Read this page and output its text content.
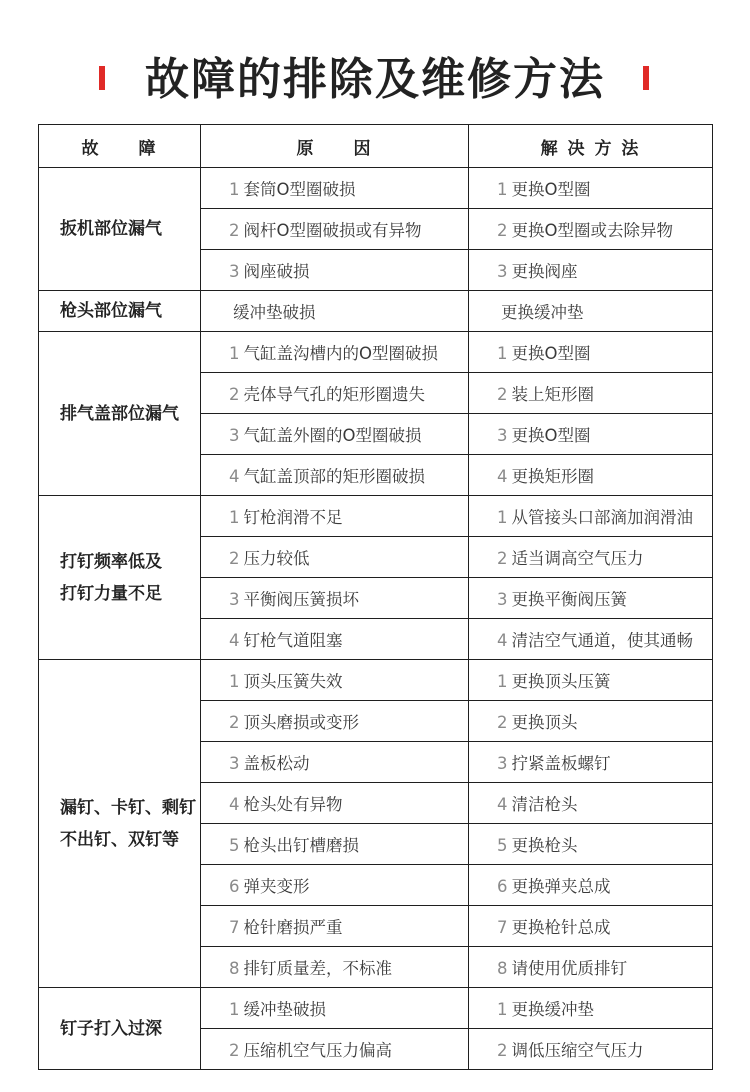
故障的排除及维修方法
故　　障	原　　因	解 决 方 法
扳机部位漏气	1 套筒O型圈破损	1 更换O型圈
	2 阀杆O型圈破损或有异物	2 更换O型圈或去除异物
	3 阀座破损	3 更换阀座
枪头部位漏气	缓冲垫破损	更换缓冲垫
排气盖部位漏气	1 气缸盖沟槽内的O型圈破损	1 更换O型圈
	2 壳体导气孔的矩形圈遗失	2 装上矩形圈
	3 气缸盖外圈的O型圈破损	3 更换O型圈
	4 气缸盖顶部的矩形圈破损	4 更换矩形圈
打钉频率低及
打钉力量不足	1 钉枪润滑不足	1 从管接头口部滴加润滑油
	2 压力较低	2 适当调高空气压力
	3 平衡阀压簧损坏	3 更换平衡阀压簧
	4 钉枪气道阻塞	4 清洁空气通道，使其通畅
漏钉、卡钉、剩钉
不出钉、双钉等	1 顶头压簧失效	1 更换顶头压簧
	2 顶头磨损或变形	2 更换顶头
	3 盖板松动	3 拧紧盖板螺钉
	4 枪头处有异物	4 清洁枪头
	5 枪头出钉槽磨损	5 更换枪头
	6 弹夹变形	6 更换弹夹总成
	7 枪针磨损严重	7 更换枪针总成
	8 排钉质量差，不标准	8 请使用优质排钉
钉子打入过深	1 缓冲垫破损	1 更换缓冲垫
	2 压缩机空气压力偏高	2 调低压缩空气压力
